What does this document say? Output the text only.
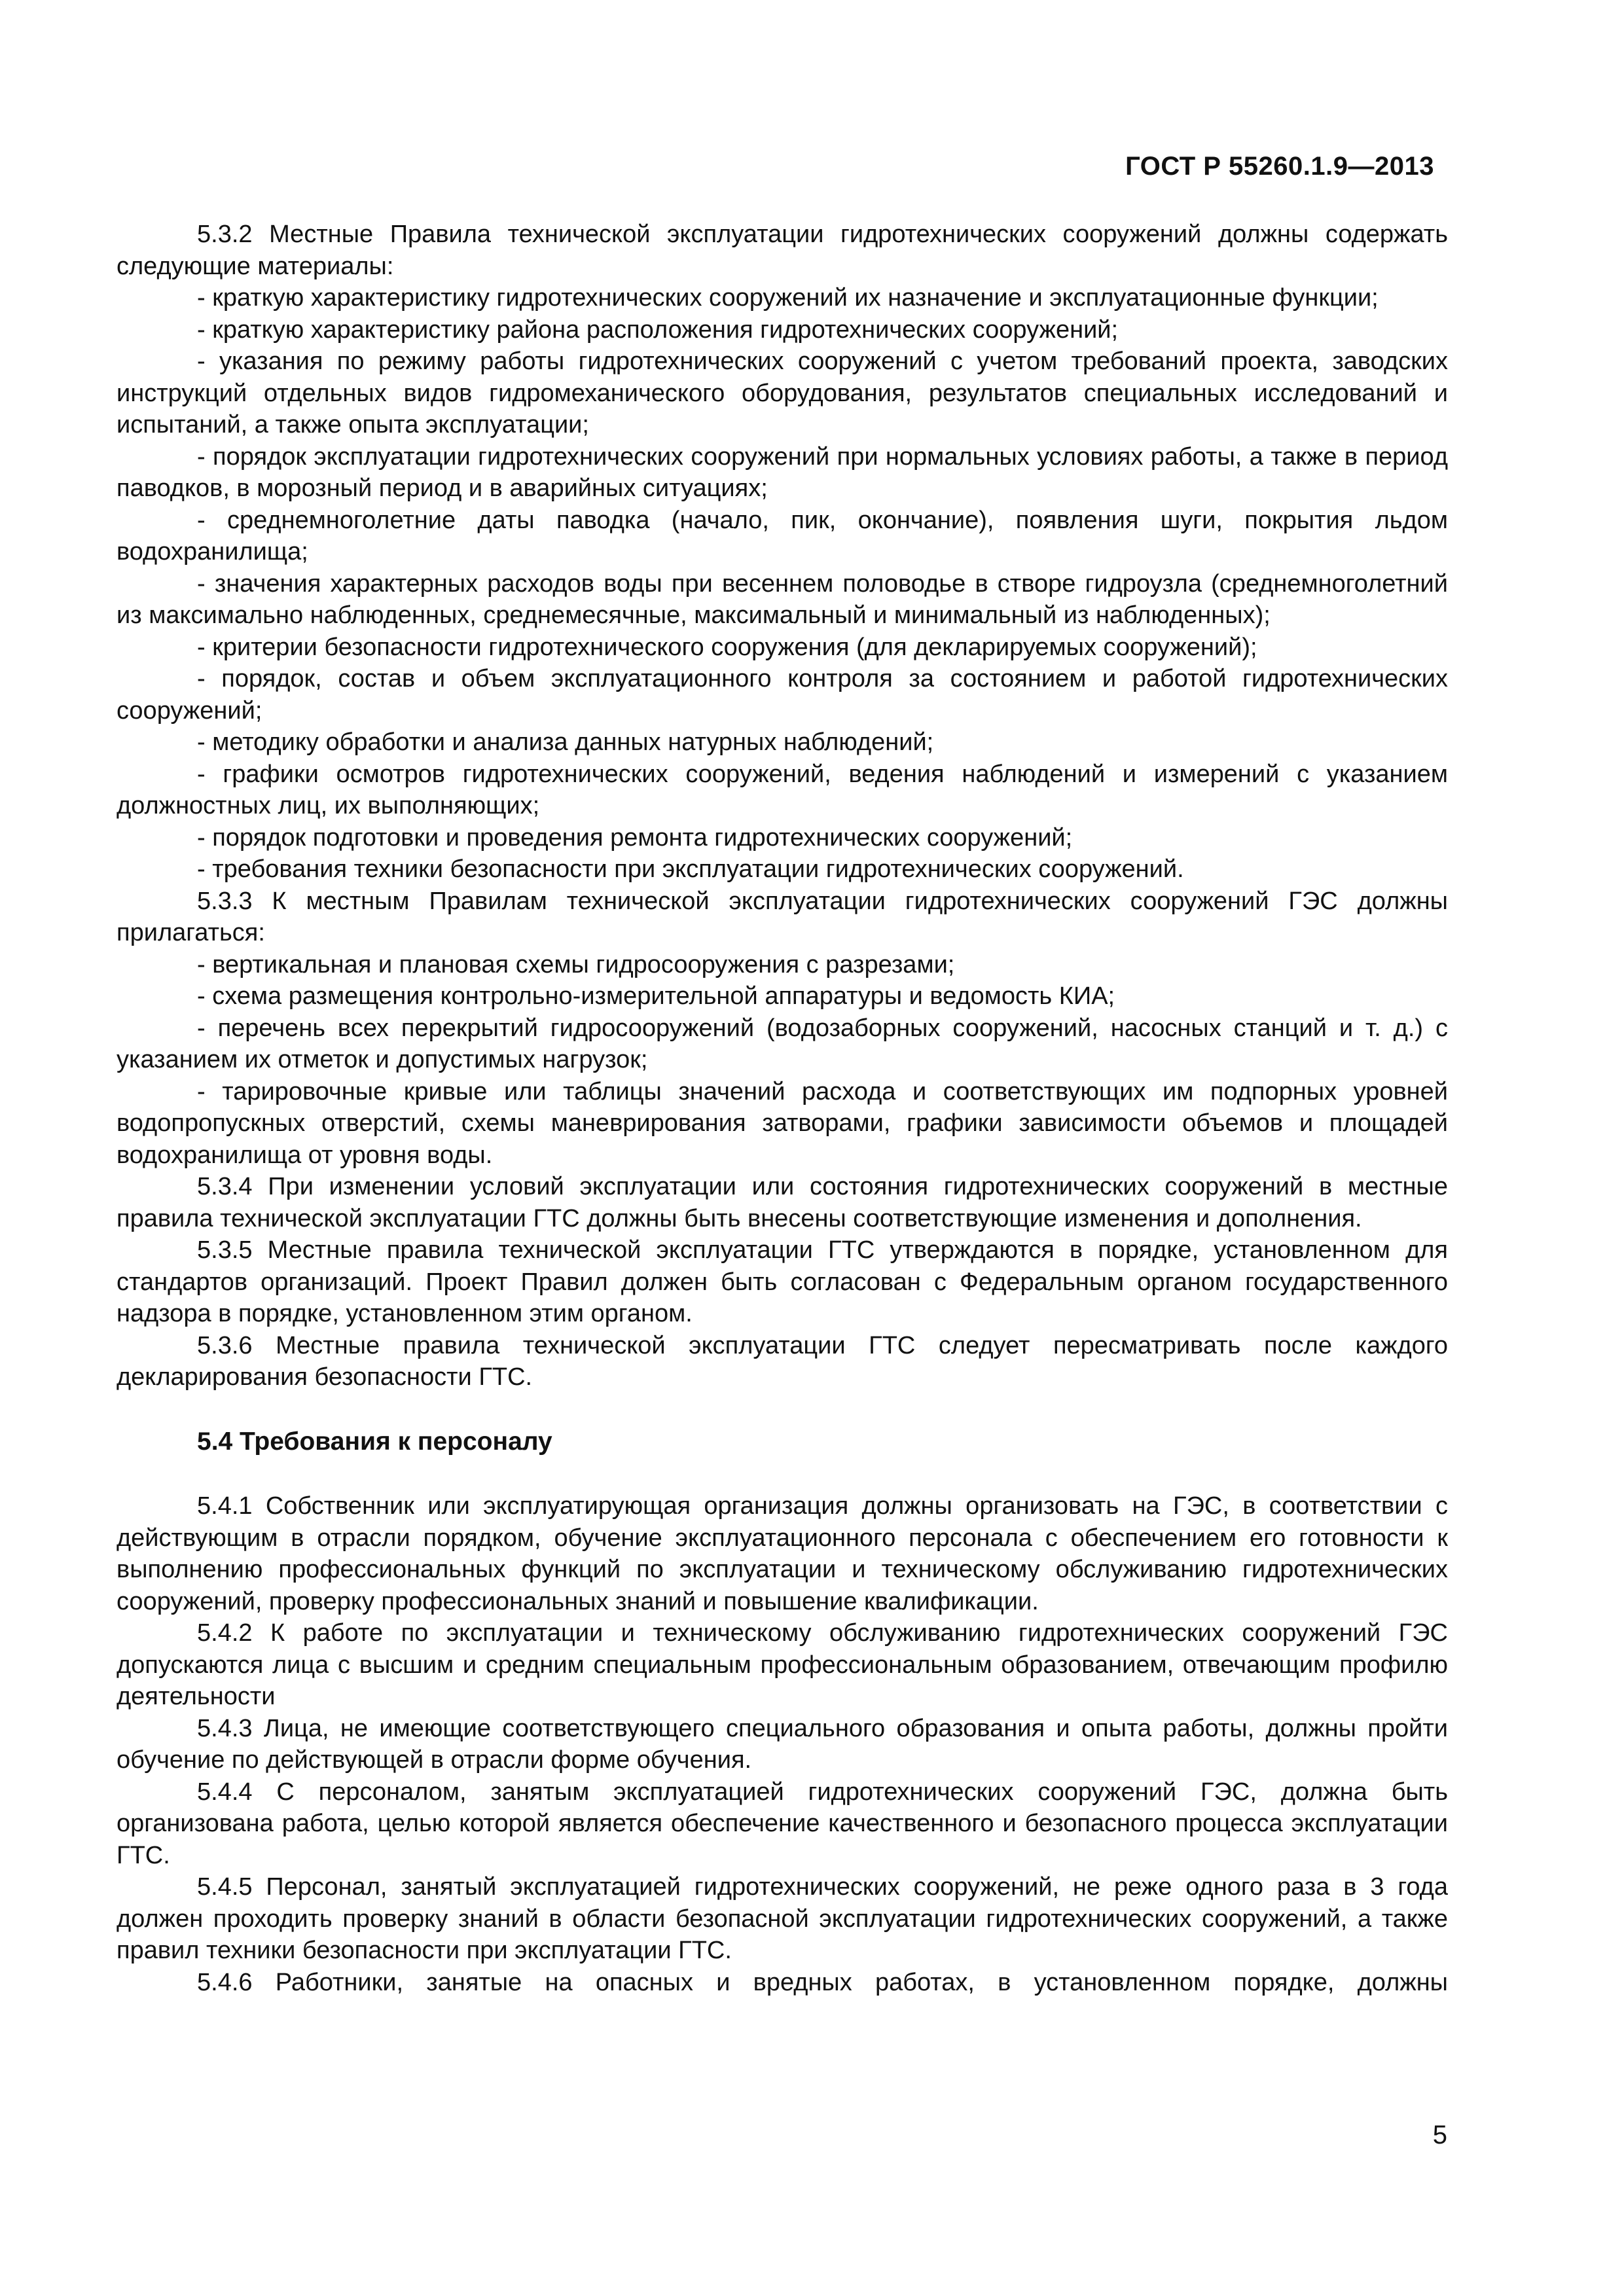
ГОСТ Р 55260.1.9—2013

5.3.2 Местные Правила технической эксплуатации гидротехнических сооружений должны содержать следующие материалы:

- краткую характеристику гидротехнических сооружений их назначение и эксплуатационные функции;

- краткую характеристику района расположения гидротехнических сооружений;

- указания по режиму работы гидротехнических сооружений с учетом требований проекта, заводских инструкций отдельных видов гидромеханического оборудования, результатов специальных исследований и испытаний, а также опыта эксплуатации;

- порядок эксплуатации гидротехнических сооружений при нормальных условиях работы, а также в период паводков, в морозный период и в аварийных ситуациях;

- среднемноголетние даты паводка (начало, пик, окончание), появления шуги, покрытия льдом водохранилища;

- значения характерных расходов воды при весеннем половодье в створе гидроузла (среднемноголетний из максимально наблюденных, среднемесячные, максимальный и минимальный из наблюденных);

- критерии безопасности гидротехнического сооружения (для декларируемых сооружений);

- порядок, состав и объем эксплуатационного контроля за состоянием и работой гидротехнических сооружений;

- методику обработки и анализа данных натурных наблюдений;

- графики осмотров гидротехнических сооружений, ведения наблюдений и измерений с указанием должностных лиц, их выполняющих;

- порядок подготовки и проведения ремонта гидротехнических сооружений;

- требования техники безопасности при эксплуатации гидротехнических сооружений.

5.3.3 К местным Правилам технической эксплуатации гидротехнических сооружений ГЭС должны прилагаться:

- вертикальная и плановая схемы гидросооружения с разрезами;

- схема размещения контрольно-измерительной аппаратуры и ведомость КИА;

- перечень всех перекрытий гидросооружений (водозаборных сооружений, насосных станций и т. д.) с указанием их отметок и допустимых нагрузок;

- тарировочные кривые или таблицы значений расхода и соответствующих им подпорных уровней водопропускных отверстий, схемы маневрирования затворами, графики зависимости объемов и площадей водохранилища от уровня воды.

5.3.4 При изменении условий эксплуатации или состояния гидротехнических сооружений в местные правила технической эксплуатации ГТС должны быть внесены соответствующие изменения и дополнения.

5.3.5 Местные правила технической эксплуатации ГТС утверждаются в порядке, установленном для стандартов организаций. Проект Правил должен быть согласован с Федеральным органом государственного надзора в порядке, установленном этим органом.

5.3.6 Местные правила технической эксплуатации ГТС следует пересматривать после каждого декларирования безопасности ГТС.

5.4 Требования к персоналу

5.4.1 Собственник или эксплуатирующая организация должны организовать на ГЭС, в соответствии с действующим в отрасли порядком, обучение эксплуатационного персонала с обеспечением его готовности к выполнению профессиональных функций по эксплуатации и техническому обслуживанию гидротехнических сооружений, проверку профессиональных знаний и повышение квалификации.

5.4.2 К работе по эксплуатации и техническому обслуживанию гидротехнических сооружений ГЭС допускаются лица с высшим и средним специальным профессиональным образованием, отвечающим профилю деятельности

5.4.3 Лица, не имеющие соответствующего специального образования и опыта работы, должны пройти обучение по действующей в отрасли форме обучения.

5.4.4 С персоналом, занятым эксплуатацией гидротехнических сооружений ГЭС, должна быть организована работа, целью которой является обеспечение качественного и безопасного процесса эксплуатации ГТС.

5.4.5 Персонал, занятый эксплуатацией гидротехнических сооружений, не реже одного раза в 3 года должен проходить проверку знаний в области безопасной эксплуатации гидротехнических сооружений, а также правил техники безопасности при эксплуатации ГТС.

5.4.6 Работники, занятые на опасных и вредных работах, в установленном порядке, должны

5
